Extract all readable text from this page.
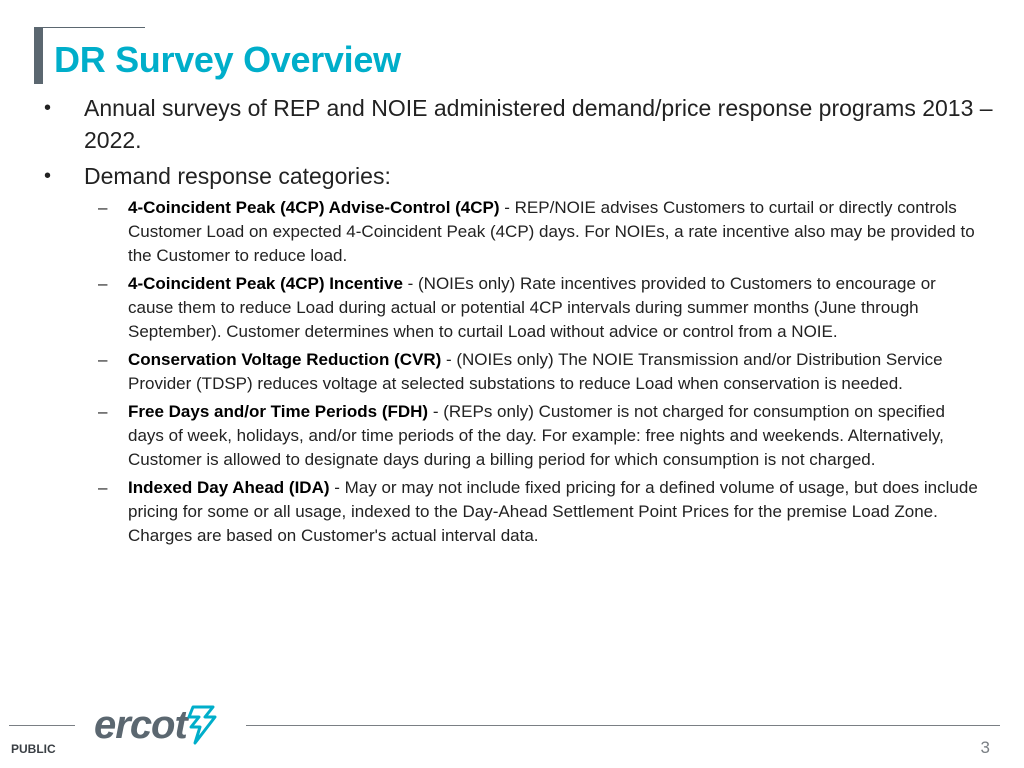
DR Survey Overview
• Annual surveys of REP and NOIE administered demand/price response programs 2013 – 2022.
• Demand response categories:
– 4-Coincident Peak (4CP) Advise-Control (4CP) - REP/NOIE advises Customers to curtail or directly controls Customer Load on expected 4-Coincident Peak (4CP) days. For NOIEs, a rate incentive also may be provided to the Customer to reduce load.
– 4-Coincident Peak (4CP) Incentive - (NOIEs only) Rate incentives provided to Customers to encourage or cause them to reduce Load during actual or potential 4CP intervals during summer months (June through September). Customer determines when to curtail Load without advice or control from a NOIE.
– Conservation Voltage Reduction (CVR) - (NOIEs only) The NOIE Transmission and/or Distribution Service Provider (TDSP) reduces voltage at selected substations to reduce Load when conservation is needed.
– Free Days and/or Time Periods (FDH) - (REPs only) Customer is not charged for consumption on specified days of week, holidays, and/or time periods of the day. For example: free nights and weekends. Alternatively, Customer is allowed to designate days during a billing period for which consumption is not charged.
– Indexed Day Ahead (IDA) - May or may not include fixed pricing for a defined volume of usage, but does include pricing for some or all usage, indexed to the Day-Ahead Settlement Point Prices for the premise Load Zone. Charges are based on Customer's actual interval data.
ercot
PUBLIC	3
